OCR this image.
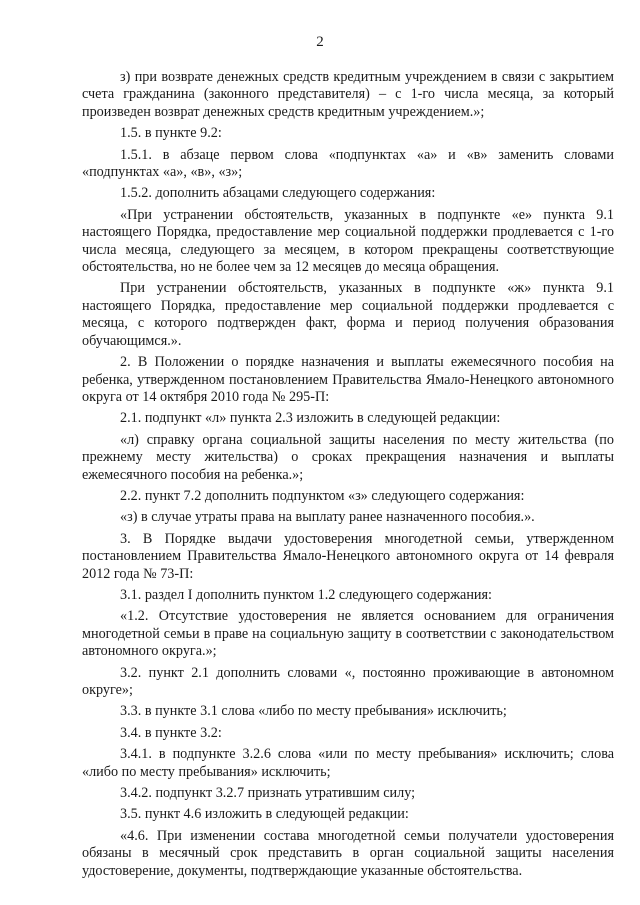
2

з) при возврате денежных средств кредитным учреждением в связи с закрытием счета гражданина (законного представителя) – с 1-го числа месяца, за который произведен возврат денежных средств кредитным учреждением.»;

1.5. в пункте 9.2:

1.5.1. в абзаце первом слова «подпунктах «а» и «в» заменить словами «подпунктах «а», «в», «з»;

1.5.2. дополнить абзацами следующего содержания:

«При устранении обстоятельств, указанных в подпункте «е» пункта 9.1 настоящего Порядка, предоставление мер социальной поддержки продлевается с 1-го числа месяца, следующего за месяцем, в котором прекращены соответствующие обстоятельства, но не более чем за 12 месяцев до месяца обращения.

При устранении обстоятельств, указанных в подпункте «ж» пункта 9.1 настоящего Порядка, предоставление мер социальной поддержки продлевается с месяца, с которого подтвержден факт, форма и период получения образования обучающимся.».

2. В Положении о порядке назначения и выплаты ежемесячного пособия на ребенка, утвержденном постановлением Правительства Ямало-Ненецкого автономного округа от 14 октября 2010 года № 295-П:

2.1. подпункт «л» пункта 2.3 изложить в следующей редакции:

«л) справку органа социальной защиты населения по месту жительства (по прежнему месту жительства) о сроках прекращения назначения и выплаты ежемесячного пособия на ребенка.»;

2.2. пункт 7.2 дополнить подпунктом «з» следующего содержания:

«з) в случае утраты права на выплату ранее назначенного пособия.».

3. В Порядке выдачи удостоверения многодетной семьи, утвержденном постановлением Правительства Ямало-Ненецкого автономного округа от 14 февраля 2012 года № 73-П:

3.1. раздел I дополнить пунктом 1.2 следующего содержания:

«1.2. Отсутствие удостоверения не является основанием для ограничения многодетной семьи в праве на социальную защиту в соответствии с законодательством автономного округа.»;

3.2. пункт 2.1 дополнить словами «, постоянно проживающие в автономном округе»;

3.3. в пункте 3.1 слова «либо по месту пребывания» исключить;

3.4. в пункте 3.2:

3.4.1. в подпункте 3.2.6 слова «или по месту пребывания» исключить; слова «либо по месту пребывания» исключить;

3.4.2. подпункт 3.2.7 признать утратившим силу;

3.5. пункт 4.6 изложить в следующей редакции:

«4.6. При изменении состава многодетной семьи получатели удостоверения обязаны в месячный срок представить в орган социальной защиты населения удостоверение, документы, подтверждающие указанные обстоятельства.
